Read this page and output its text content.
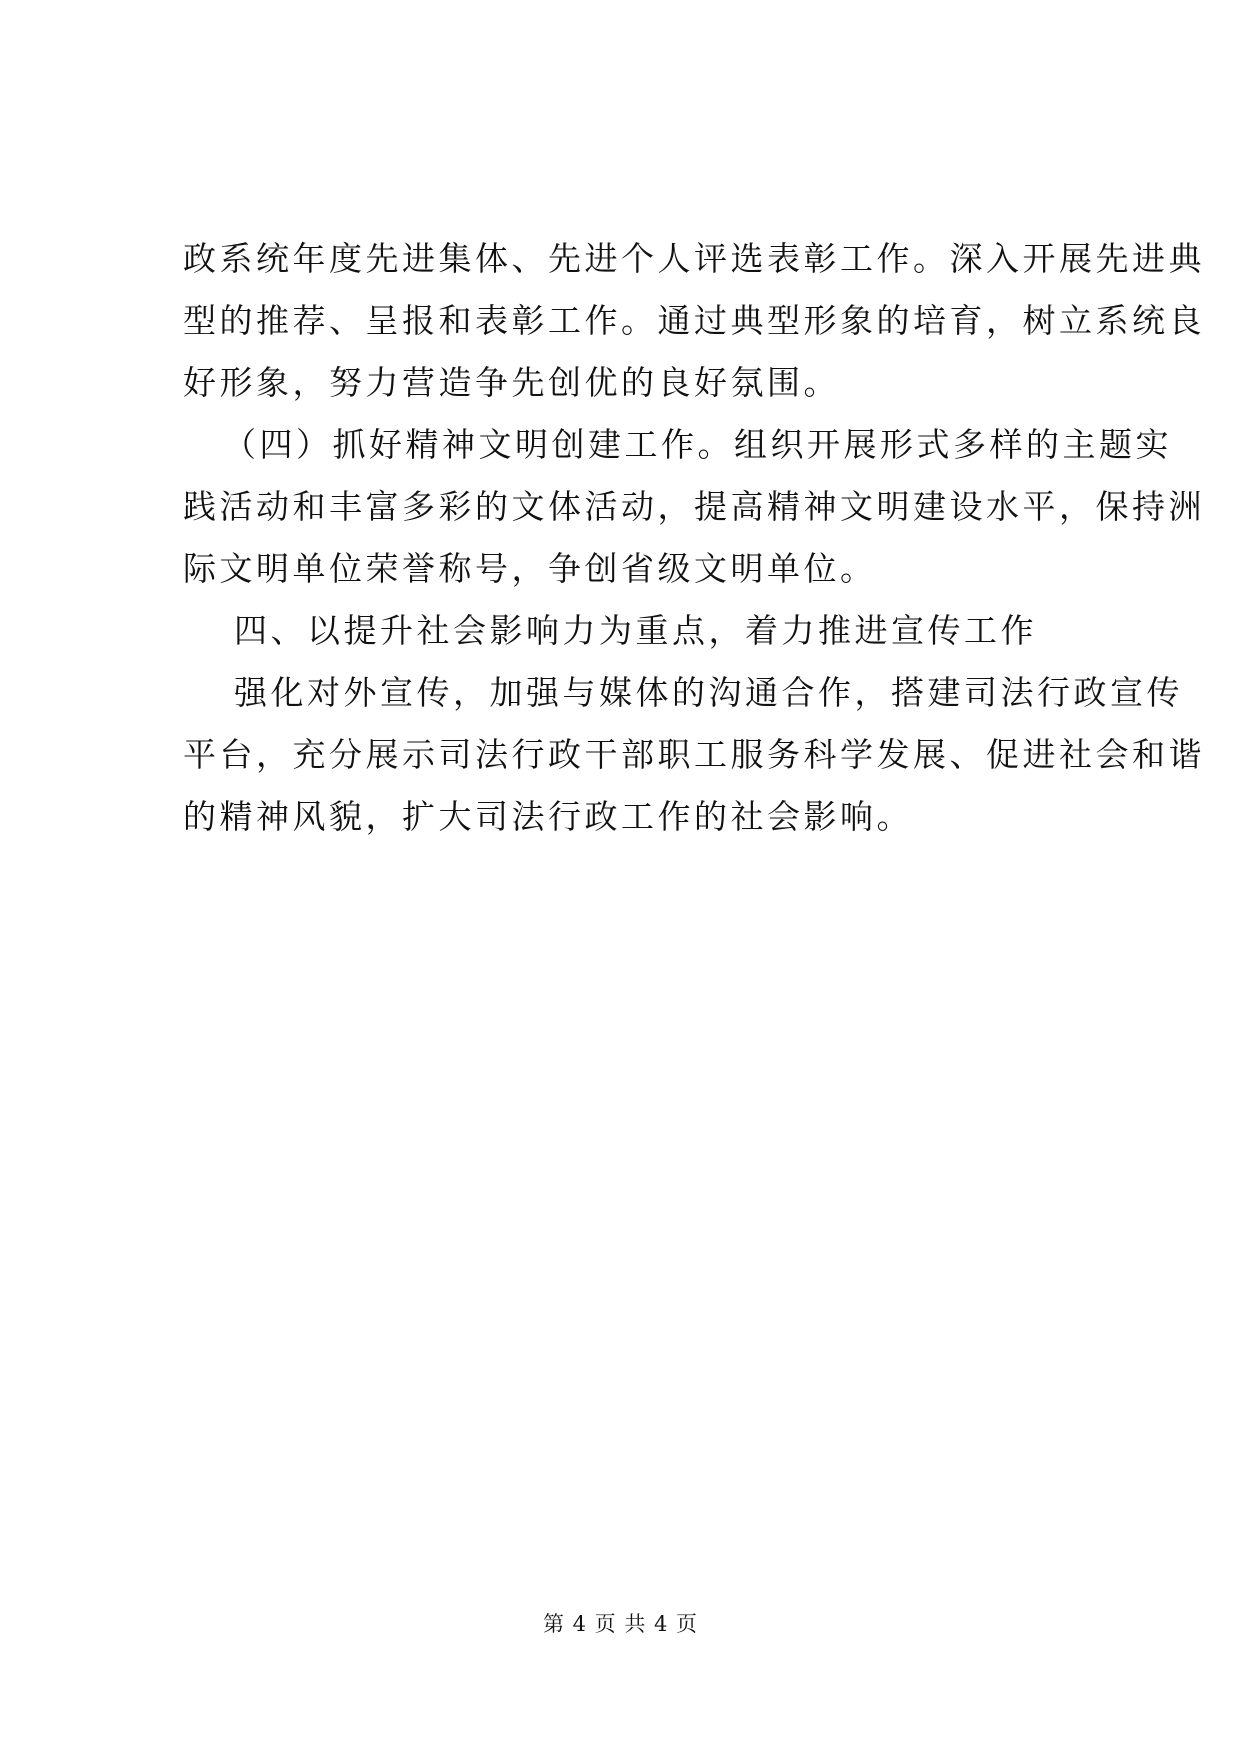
政系统年度先进集体、先进个人评选表彰工作。深入开展先进典
型的推荐、呈报和表彰工作。通过典型形象的培育，树立系统良
好形象，努力营造争先创优的良好氛围。
（四）抓好精神文明创建工作。组织开展形式多样的主题实
践活动和丰富多彩的文体活动，提高精神文明建设水平，保持洲
际文明单位荣誉称号，争创省级文明单位。
四、以提升社会影响力为重点，着力推进宣传工作
强化对外宣传，加强与媒体的沟通合作，搭建司法行政宣传
平台，充分展示司法行政干部职工服务科学发展、促进社会和谐
的精神风貌，扩大司法行政工作的社会影响。
第 4 页 共 4 页
